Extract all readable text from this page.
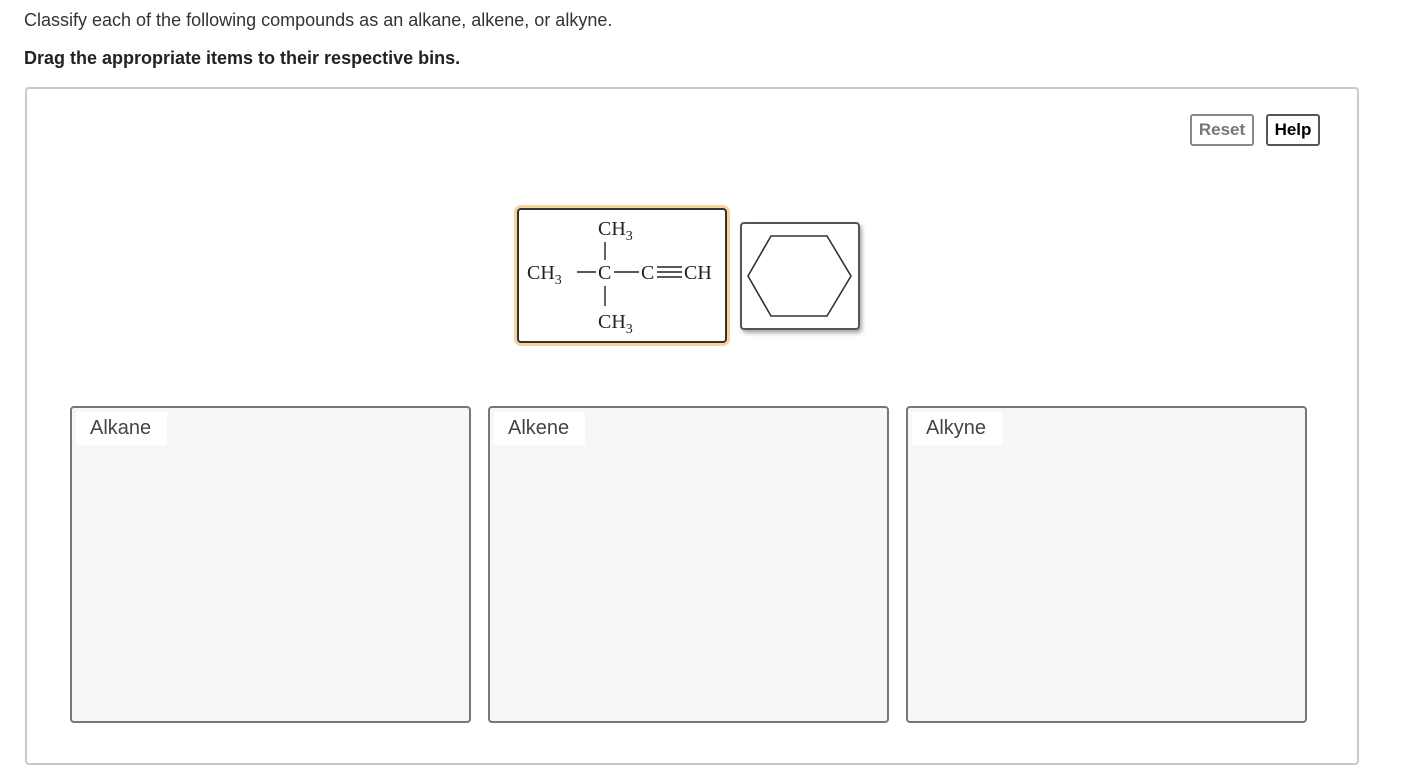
Classify each of the following compounds as an alkane, alkene, or alkyne.
Drag the appropriate items to their respective bins.
Reset	Help
$CH_3$
$CH_3$ C C CH
$CH_3$
Alkane	Alkene	Alkyne
